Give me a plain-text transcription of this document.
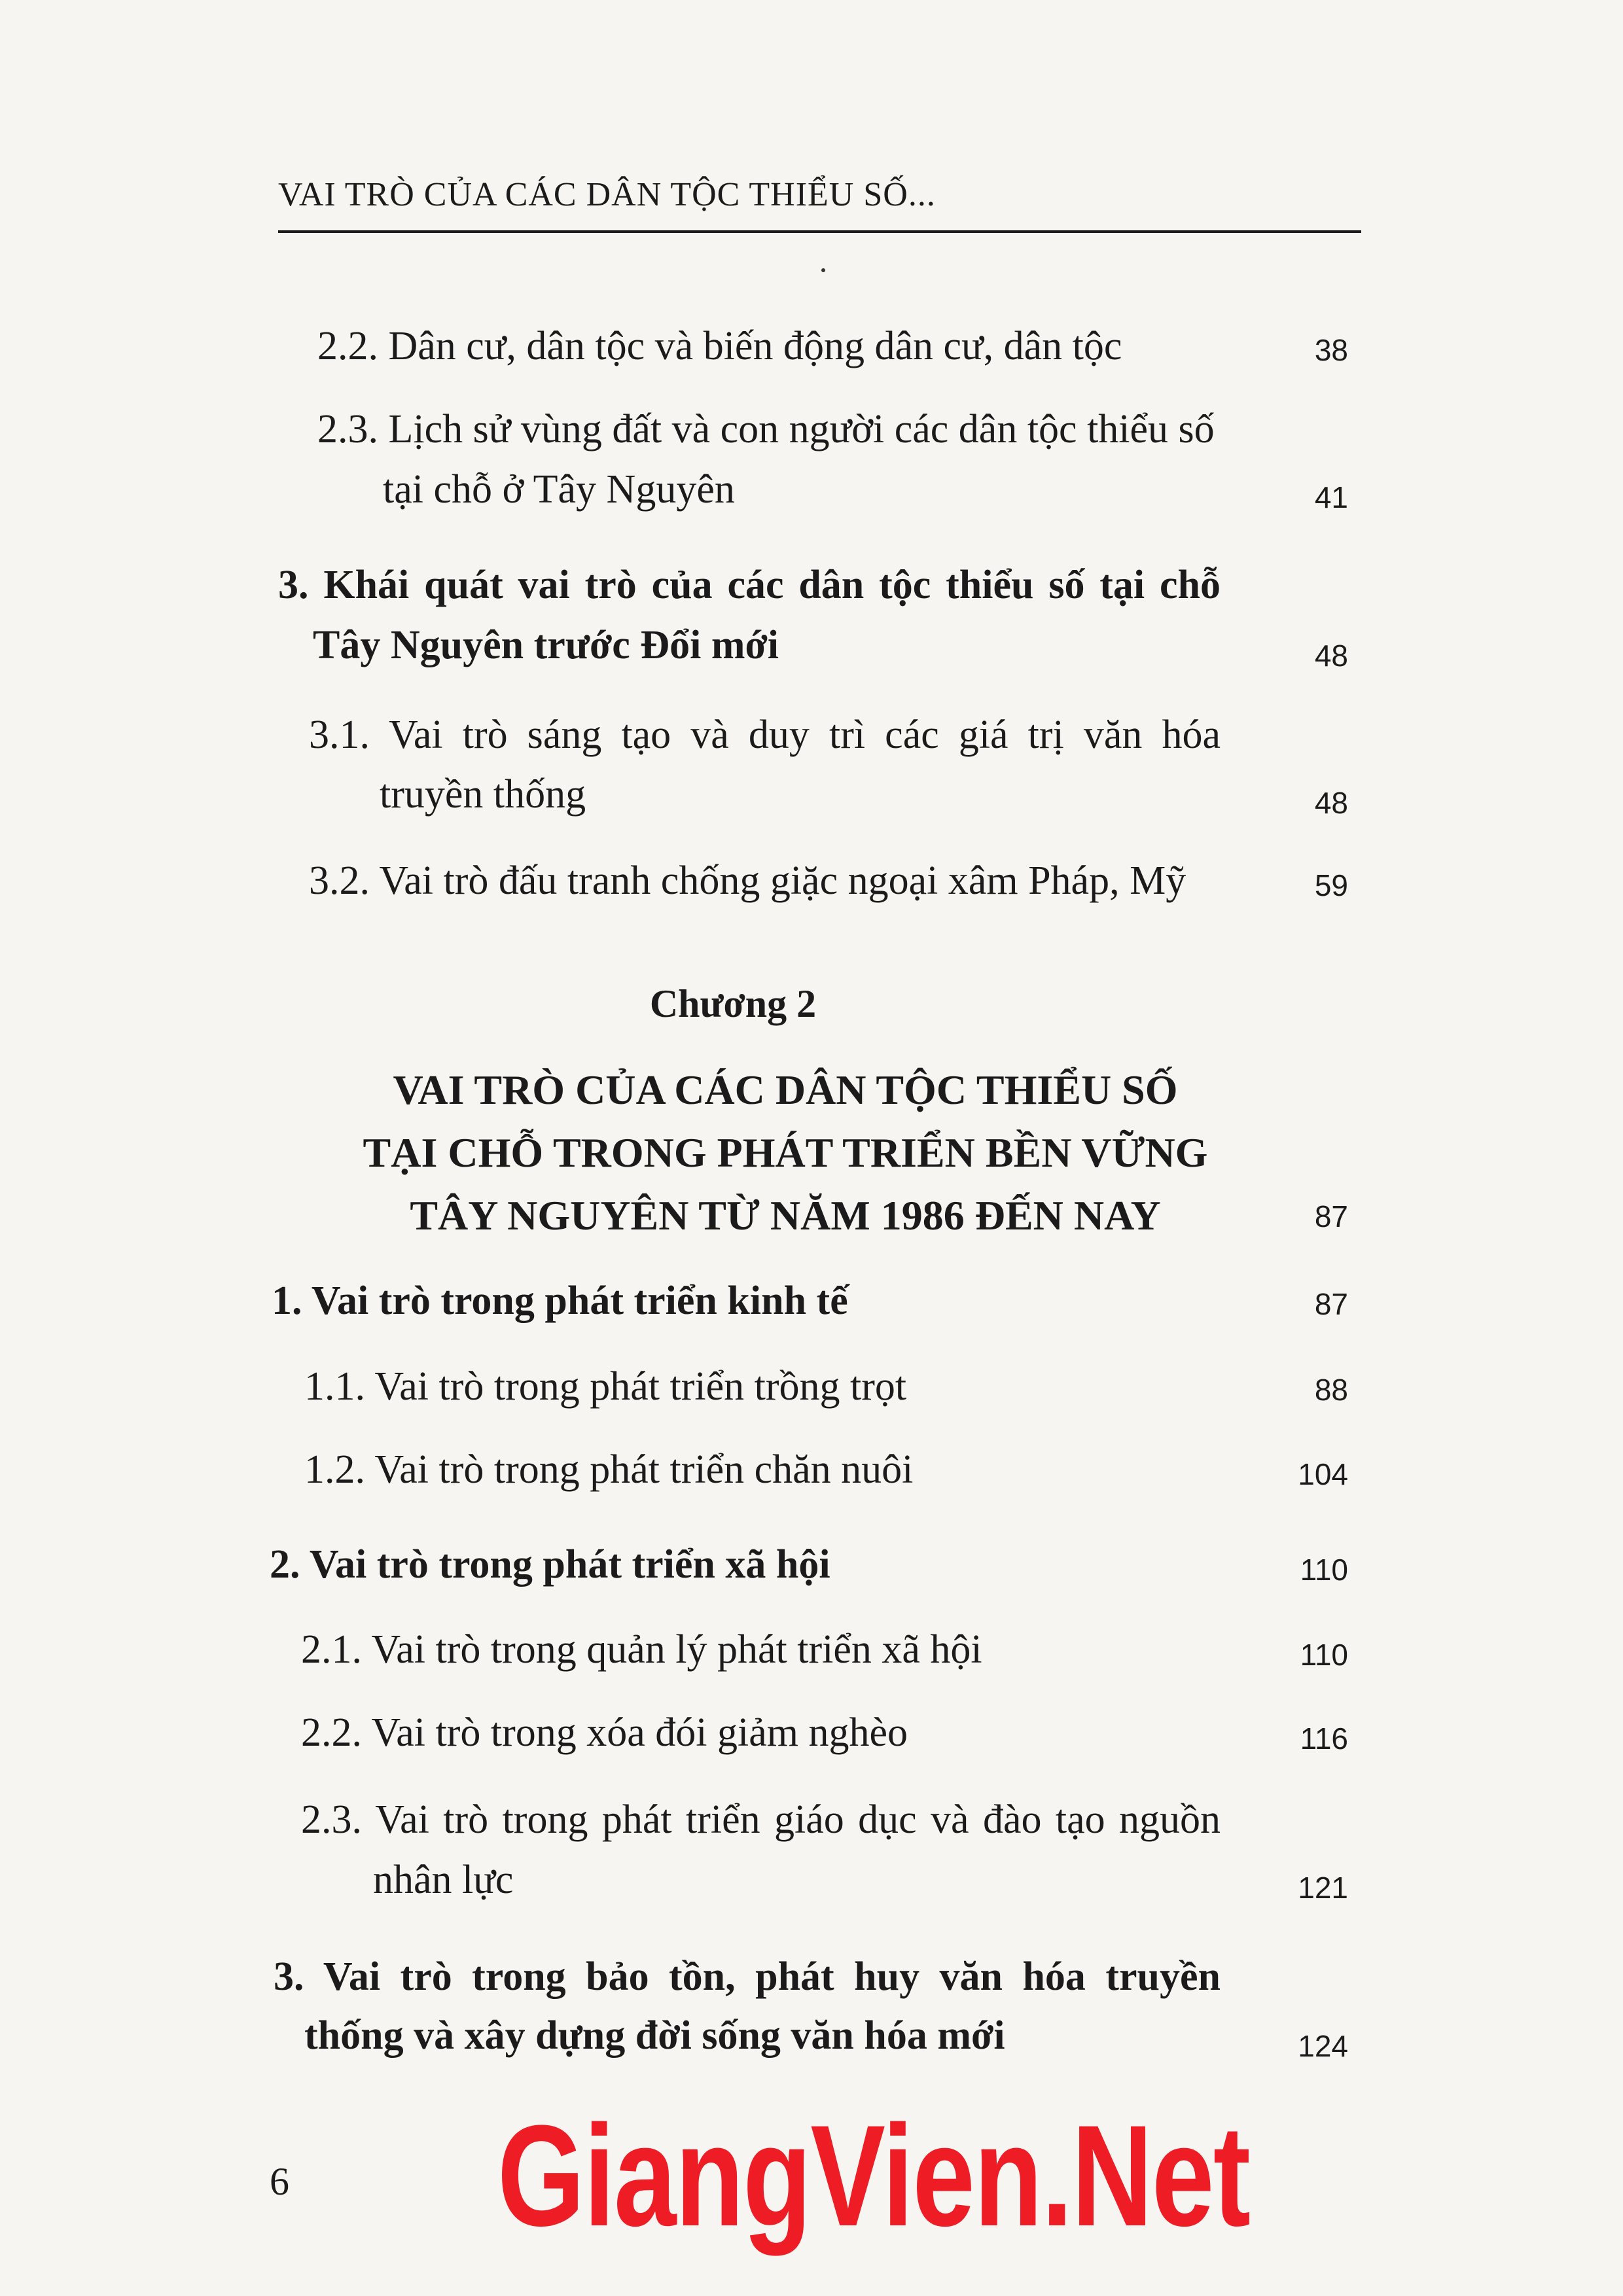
VAI TRÒ CỦA CÁC DÂN TỘC THIỂU SỐ...
2.2. Dân cư, dân tộc và biến động dân cư, dân tộc	38
2.3. Lịch sử vùng đất và con người các dân tộc thiểu số
tại chỗ ở Tây Nguyên	41
3. Khái quát vai trò của các dân tộc thiểu số tại chỗ
Tây Nguyên trước Đổi mới	48
3.1. Vai trò sáng tạo và duy trì các giá trị văn hóa
truyền thống	48
3.2. Vai trò đấu tranh chống giặc ngoại xâm Pháp, Mỹ	59
Chương 2
VAI TRÒ CỦA CÁC DÂN TỘC THIỂU SỐ
TẠI CHỖ TRONG PHÁT TRIỂN BỀN VỮNG
TÂY NGUYÊN TỪ NĂM 1986 ĐẾN NAY	87
1. Vai trò trong phát triển kinh tế	87
1.1. Vai trò trong phát triển trồng trọt	88
1.2. Vai trò trong phát triển chăn nuôi	104
2. Vai trò trong phát triển xã hội	110
2.1. Vai trò trong quản lý phát triển xã hội	110
2.2. Vai trò trong xóa đói giảm nghèo	116
2.3. Vai trò trong phát triển giáo dục và đào tạo nguồn
nhân lực	121
3. Vai trò trong bảo tồn, phát huy văn hóa truyền
thống và xây dựng đời sống văn hóa mới	124
6 GiangVien.Net
